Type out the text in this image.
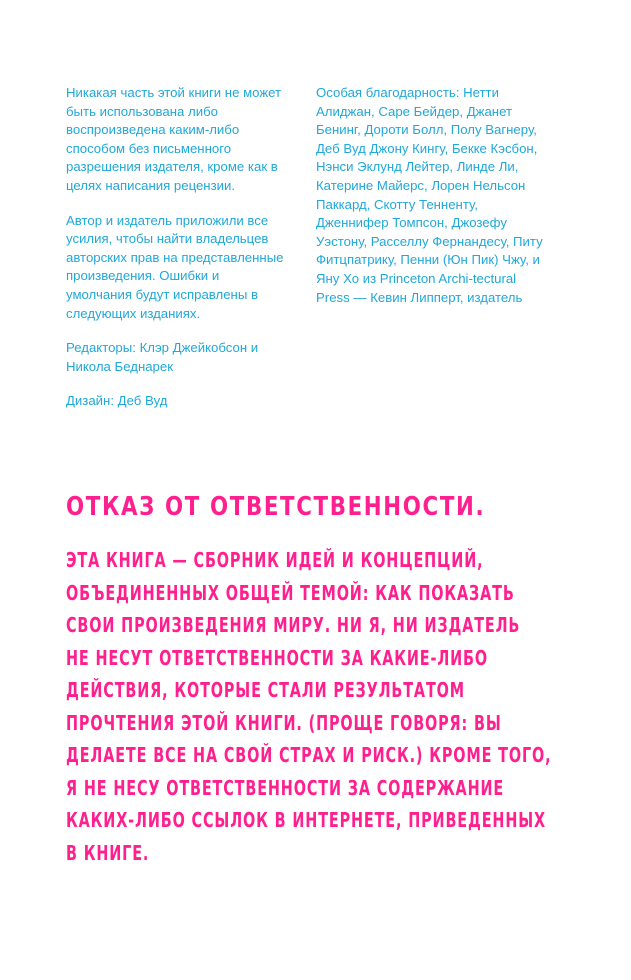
Никакая часть этой книги не может быть использована либо воспроизведена каким-либо способом без письменного разрешения издателя, кроме как в целях написания рецензии.

Автор и издатель приложили все усилия, чтобы найти владельцев авторских прав на представленные произведения. Ошибки и умолчания будут исправлены в следующих изданиях.

Редакторы: Клэр Джейкобсон и
Никола Беднарек

Дизайн: Деб Вуд

Особая благодарность: Нетти Алиджан, Саре Бейдер, Джанет Бенинг, Дороти Болл, Полу Вагнеру, Деб Вуд Джону Кингу, Бекке Кэсбон, Нэнси Эклунд Лейтер, Линде Ли, Катерине Майерс, Лорен Нельсон Паккард, Скотту Тенненту, Дженнифер Томпсон, Джозефу Уэстону, Расселлу Фернандесу, Питу Фитцпатрику, Пенни (Юн Пик) Чжу, и Яну Хо из Princeton Archi-tectural Press — Кевин Липперт, издатель

ОТКАЗ ОТ ОТВЕТСТВЕННОСТИ.
ЭТА КНИГА — СБОРНИК ИДЕЙ И КОНЦЕПЦИЙ,
ОБЪЕДИНЕННЫХ ОБЩЕЙ ТЕМОЙ: КАК ПОКАЗАТЬ
СВОИ ПРОИЗВЕДЕНИЯ МИРУ. НИ Я, НИ ИЗДАТЕЛЬ
НЕ НЕСУТ ОТВЕТСТВЕННОСТИ ЗА КАКИЕ-ЛИБО
ДЕЙСТВИЯ, КОТОРЫЕ СТАЛИ РЕЗУЛЬТАТОМ
ПРОЧТЕНИЯ ЭТОЙ КНИГИ. (ПРОЩЕ ГОВОРЯ: ВЫ
ДЕЛАЕТЕ ВСЕ НА СВОЙ СТРАХ И РИСК.) КРОМЕ ТОГО,
Я НЕ НЕСУ ОТВЕТСТВЕННОСТИ ЗА СОДЕРЖАНИЕ
КАКИХ-ЛИБО ССЫЛОК В ИНТЕРНЕТЕ, ПРИВЕДЕННЫХ
В КНИГЕ.
